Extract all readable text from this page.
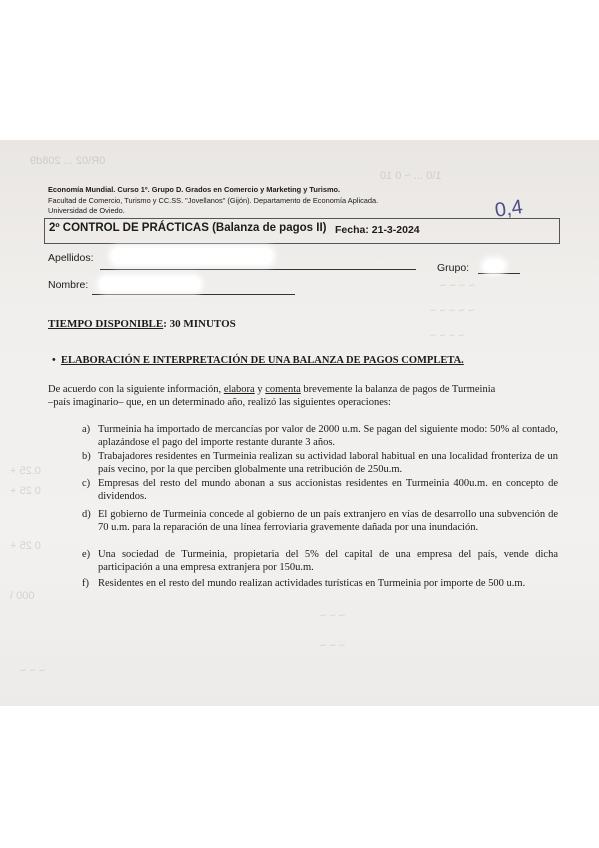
0R\02 ... 208d9
1\0 ... ~ 0 10
~ ~ ~ ~
~ ~ ~ ~ ~
~ ~ ~ ~
0.25 +
0 25 +
0 25 +
000 \
~ ~ ~
~ ~ ~
~ ~ ~
Economía Mundial. Curso 1º. Grupo D. Grados en Comercio y Marketing y Turismo.
Facultad de Comercio, Turismo y CC.SS. "Jovellanos" (Gijón). Departamento de Economía Aplicada.
Universidad de Oviedo.	0,4
2º CONTROL DE PRÁCTICAS (Balanza de pagos II) Fecha: 21-3-2024
Apellidos:
Grupo:
Nombre:
TIEMPO DISPONIBLE: 30 MINUTOS
• ELABORACIÓN E INTERPRETACIÓN DE UNA BALANZA DE PAGOS COMPLETA.
De acuerdo con la siguiente información, elabora y comenta brevemente la balanza de pagos de Turmeinia
–país imaginario– que, en un determinado año, realizó las siguientes operaciones:
a) Turmeinia ha importado de mercancías por valor de 2000 u.m. Se pagan del siguiente modo: 50% al contado, aplazándose el pago del importe restante durante 3 años.
b) Trabajadores residentes en Turmeinia realizan su actividad laboral habitual en una localidad fronteriza de un país vecino, por la que perciben globalmente una retribución de 250u.m.
c) Empresas del resto del mundo abonan a sus accionistas residentes en Turmeinia 400u.m. en concepto de dividendos.
d) El gobierno de Turmeinia concede al gobierno de un país extranjero en vías de desarrollo una subvención de 70 u.m. para la reparación de una línea ferroviaria gravemente dañada por una inundación.
e) Una sociedad de Turmeinia, propietaria del 5% del capital de una empresa del país, vende dicha participación a una empresa extranjera por 150u.m.
f) Residentes en el resto del mundo realizan actividades turísticas en Turmeinia por importe de 500 u.m.
